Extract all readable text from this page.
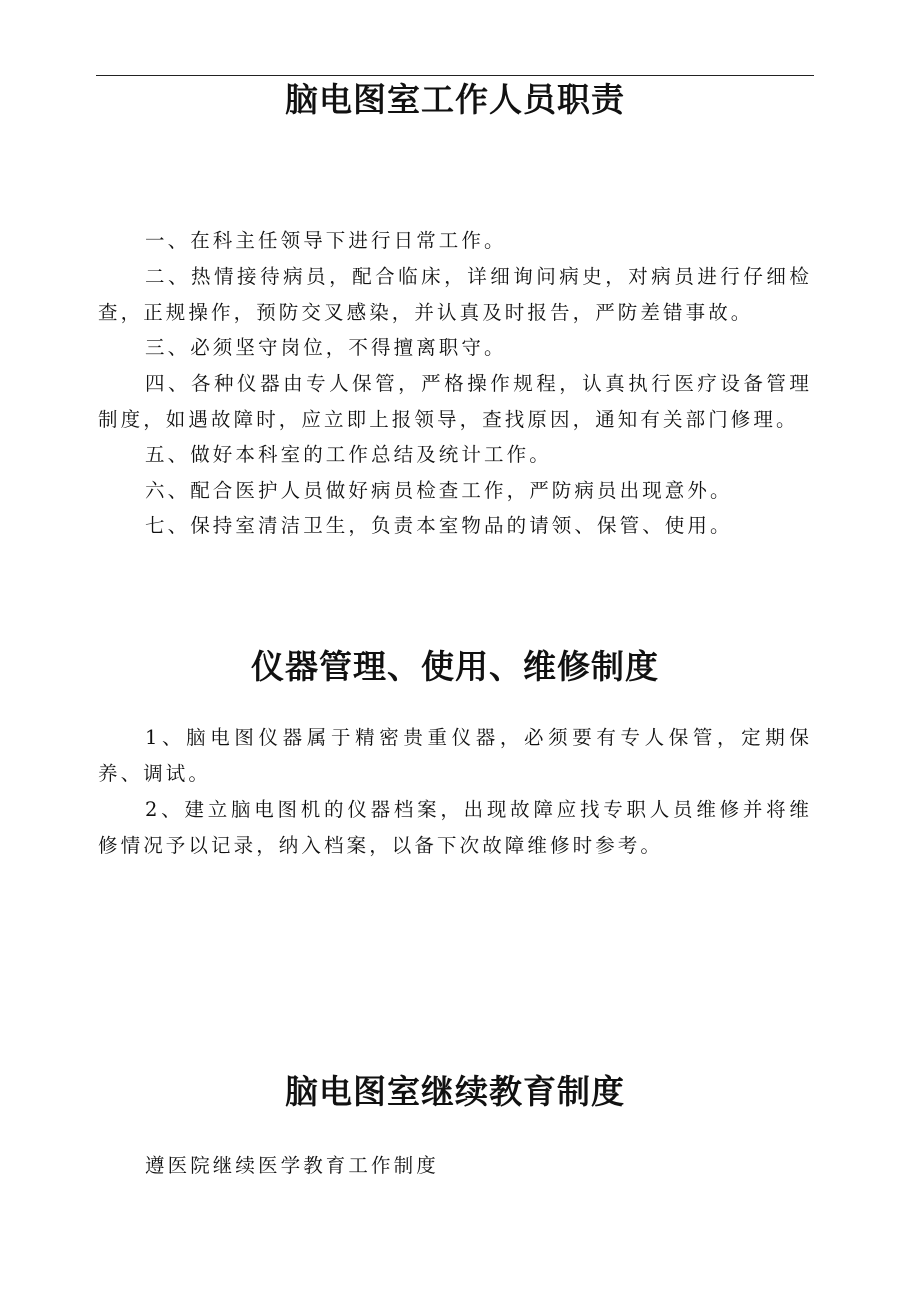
脑电图室工作人员职责
一、在科主任领导下进行日常工作。
二、热情接待病员，配合临床，详细询问病史，对病员进行仔细检查，正规操作，预防交叉感染，并认真及时报告，严防差错事故。
三、必须坚守岗位，不得擅离职守。
四、各种仪器由专人保管，严格操作规程，认真执行医疗设备管理制度，如遇故障时，应立即上报领导，查找原因，通知有关部门修理。
五、做好本科室的工作总结及统计工作。
六、配合医护人员做好病员检查工作，严防病员出现意外。
七、保持室清洁卫生，负责本室物品的请领、保管、使用。
仪器管理、使用、维修制度
1、脑电图仪器属于精密贵重仪器，必须要有专人保管，定期保养、调试。
2、建立脑电图机的仪器档案，出现故障应找专职人员维修并将维修情况予以记录，纳入档案，以备下次故障维修时参考。
脑电图室继续教育制度
遵医院继续医学教育工作制度
